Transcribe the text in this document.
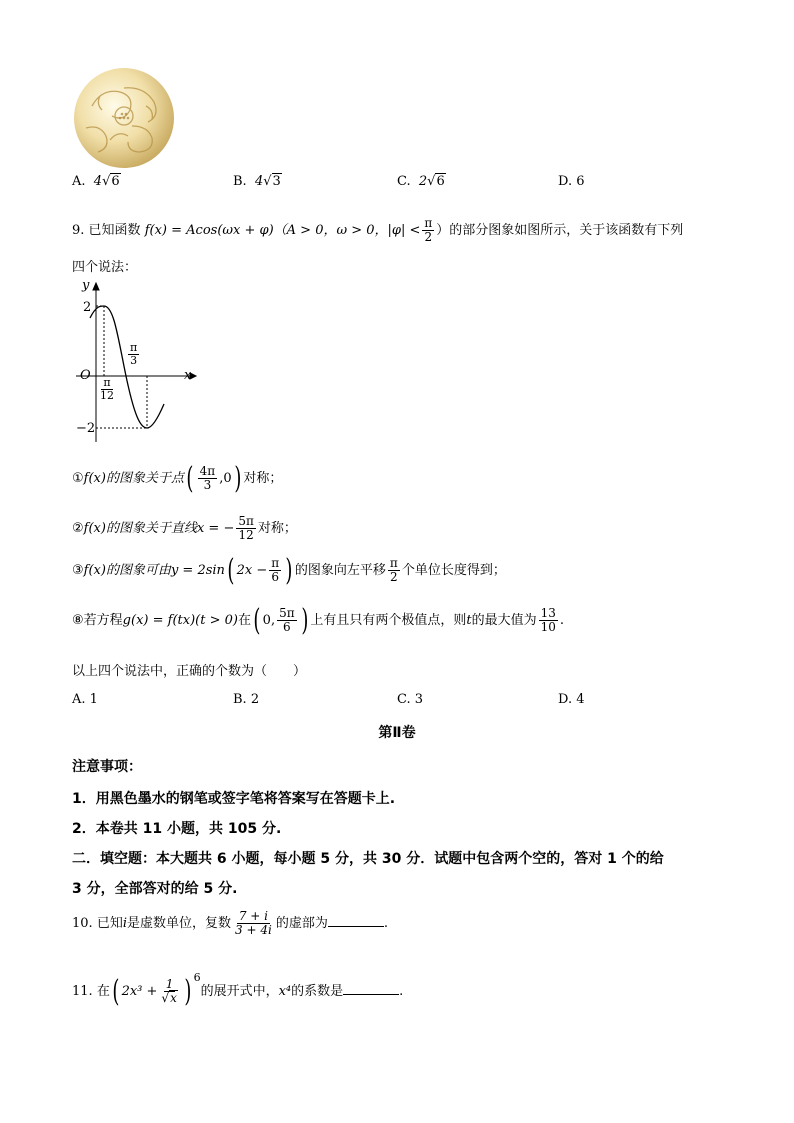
A. 4√6	B. 4√3	C. 2√6	D. 6
9. 已知函数 f(x) = Acos(ωx + φ)（A > 0，ω > 0，$|\varphi| < \frac{\pi}{2}$ ）的部分图象如图所示，关于该函数有下列
四个说法：
y
x
O
2
−2
$\frac{\pi}{12}$
$\frac{\pi}{3}$
①f(x)的图象关于点( $\frac{4\pi}{3} ,0$) 对称；
②f(x)的图象关于直线x = − $\frac{5\pi}{12}$ 对称；
③f(x)的图象可由y = 2sin( $2x - \frac{\pi}{6}$ ) 的图象向左平移 $\frac{\pi}{2}$ 个单位长度得到；
⑧若方程g(x) = f(tx)(t > 0)在( 0, $\frac{5\pi}{6}$ ) 上有且只有两个极值点，则t的最大值为 $\frac{13}{10}$ .
以上四个说法中，正确的个数为（　　）
A. 1	B. 2	C. 3	D. 4
第Ⅱ卷
注意事项：
1．用黑色墨水的钢笔或签字笔将答案写在答题卡上.
2．本卷共 11 小题，共 105 分.
二．填空题：本大题共 6 小题，每小题 5 分，共 30 分．试题中包含两个空的，答对 1 个的给
3 分，全部答对的给 5 分.
10. 已知i是虚数单位，复数 $\frac{7 + i}{3 + 4i}$ 的虚部为	.
11. 在( $2x^3 + \frac{1}{√x}$ ) $^6$的展开式中，x⁴的系数是	.
